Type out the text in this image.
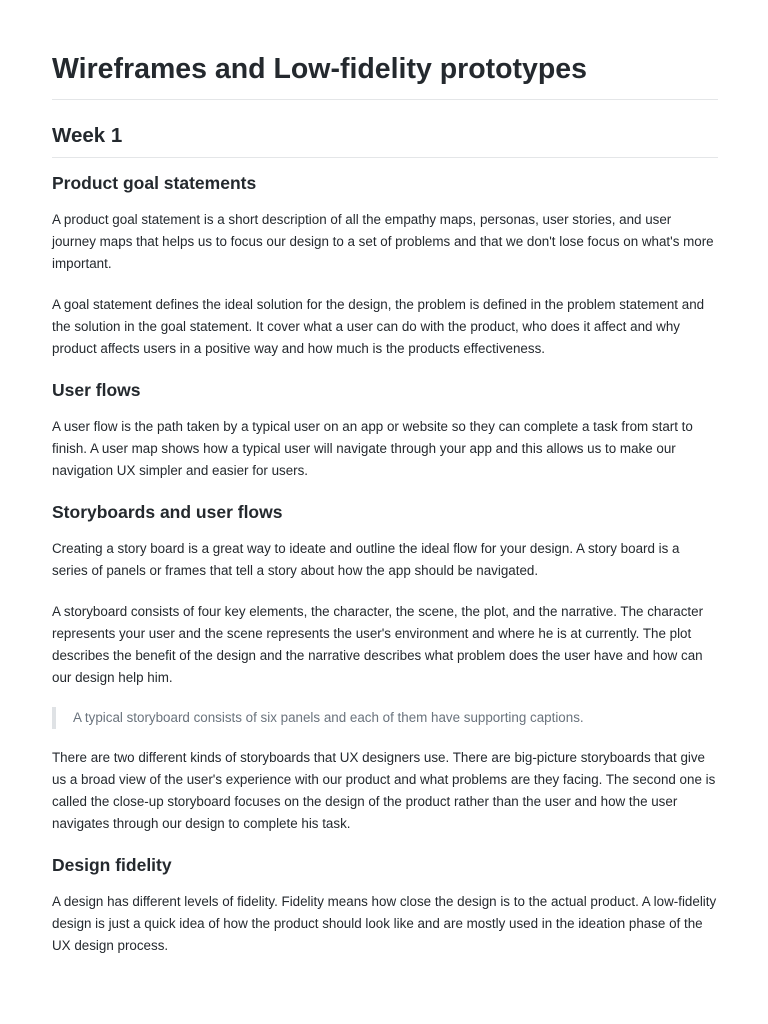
Wireframes and Low-fidelity prototypes
Week 1
Product goal statements

A product goal statement is a short description of all the empathy maps, personas, user stories, and user journey maps that helps us to focus our design to a set of problems and that we don't lose focus on what's more important.

A goal statement defines the ideal solution for the design, the problem is defined in the problem statement and the solution in the goal statement. It cover what a user can do with the product, who does it affect and why product affects users in a positive way and how much is the products effectiveness.

User flows

A user flow is the path taken by a typical user on an app or website so they can complete a task from start to finish. A user map shows how a typical user will navigate through your app and this allows us to make our navigation UX simpler and easier for users.

Storyboards and user flows

Creating a story board is a great way to ideate and outline the ideal flow for your design. A story board is a series of panels or frames that tell a story about how the app should be navigated.

A storyboard consists of four key elements, the character, the scene, the plot, and the narrative. The character represents your user and the scene represents the user's environment and where he is at currently. The plot describes the benefit of the design and the narrative describes what problem does the user have and how can our design help him.

A typical storyboard consists of six panels and each of them have supporting captions.

There are two different kinds of storyboards that UX designers use. There are big-picture storyboards that give us a broad view of the user's experience with our product and what problems are they facing. The second one is called the close-up storyboard focuses on the design of the product rather than the user and how the user navigates through our design to complete his task.

Design fidelity

A design has different levels of fidelity. Fidelity means how close the design is to the actual product. A low-fidelity design is just a quick idea of how the product should look like and are mostly used in the ideation phase of the UX design process.
